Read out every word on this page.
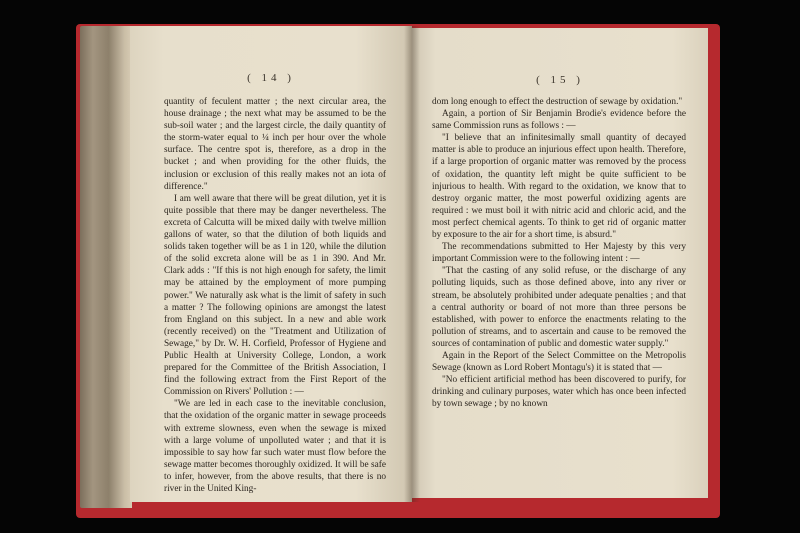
( 14 )

quantity of feculent matter ; the next circular area, the house drainage ; the next what may be assumed to be the sub-soil water ; and the largest circle, the daily quantity of the storm-water equal to ¼ inch per hour over the whole surface. The centre spot is, therefore, as a drop in the bucket ; and when providing for the other fluids, the inclusion or exclusion of this really makes not an iota of difference."

I am well aware that there will be great dilution, yet it is quite possible that there may be danger nevertheless. The excreta of Calcutta will be mixed daily with twelve million gallons of water, so that the dilution of both liquids and solids taken together will be as 1 in 120, while the dilution of the solid excreta alone will be as 1 in 390. And Mr. Clark adds : "If this is not high enough for safety, the limit may be attained by the employment of more pumping power." We naturally ask what is the limit of safety in such a matter ? The following opinions are amongst the latest from England on this subject. In a new and able work (recently received) on the "Treatment and Utilization of Sewage," by Dr. W. H. Corfield, Professor of Hygiene and Public Health at University College, London, a work prepared for the Committee of the British Association, I find the following extract from the First Report of the Commission on Rivers' Pollution : —

"We are led in each case to the inevitable conclusion, that the oxidation of the organic matter in sewage proceeds with extreme slowness, even when the sewage is mixed with a large volume of unpolluted water ; and that it is impossible to say how far such water must flow before the sewage matter becomes thoroughly oxidized. It will be safe to infer, however, from the above results, that there is no river in the United King-

( 15 )

dom long enough to effect the destruction of sewage by oxidation."

Again, a portion of Sir Benjamin Brodie's evidence before the same Commission runs as follows : —

"I believe that an infinitesimally small quantity of decayed matter is able to produce an injurious effect upon health. Therefore, if a large proportion of organic matter was removed by the process of oxidation, the quantity left might be quite sufficient to be injurious to health. With regard to the oxidation, we know that to destroy organic matter, the most powerful oxidizing agents are required : we must boil it with nitric acid and chloric acid, and the most perfect chemical agents. To think to get rid of organic matter by exposure to the air for a short time, is absurd."

The recommendations submitted to Her Majesty by this very important Commission were to the following intent : —

"That the casting of any solid refuse, or the discharge of any polluting liquids, such as those defined above, into any river or stream, be absolutely prohibited under adequate penalties ; and that a central authority or board of not more than three persons be established, with power to enforce the enactments relating to the pollution of streams, and to ascertain and cause to be removed the sources of contamination of public and domestic water supply."

Again in the Report of the Select Committee on the Metropolis Sewage (known as Lord Robert Montagu's) it is stated that —

"No efficient artificial method has been discovered to purify, for drinking and culinary purposes, water which has once been infected by town sewage ; by no known
